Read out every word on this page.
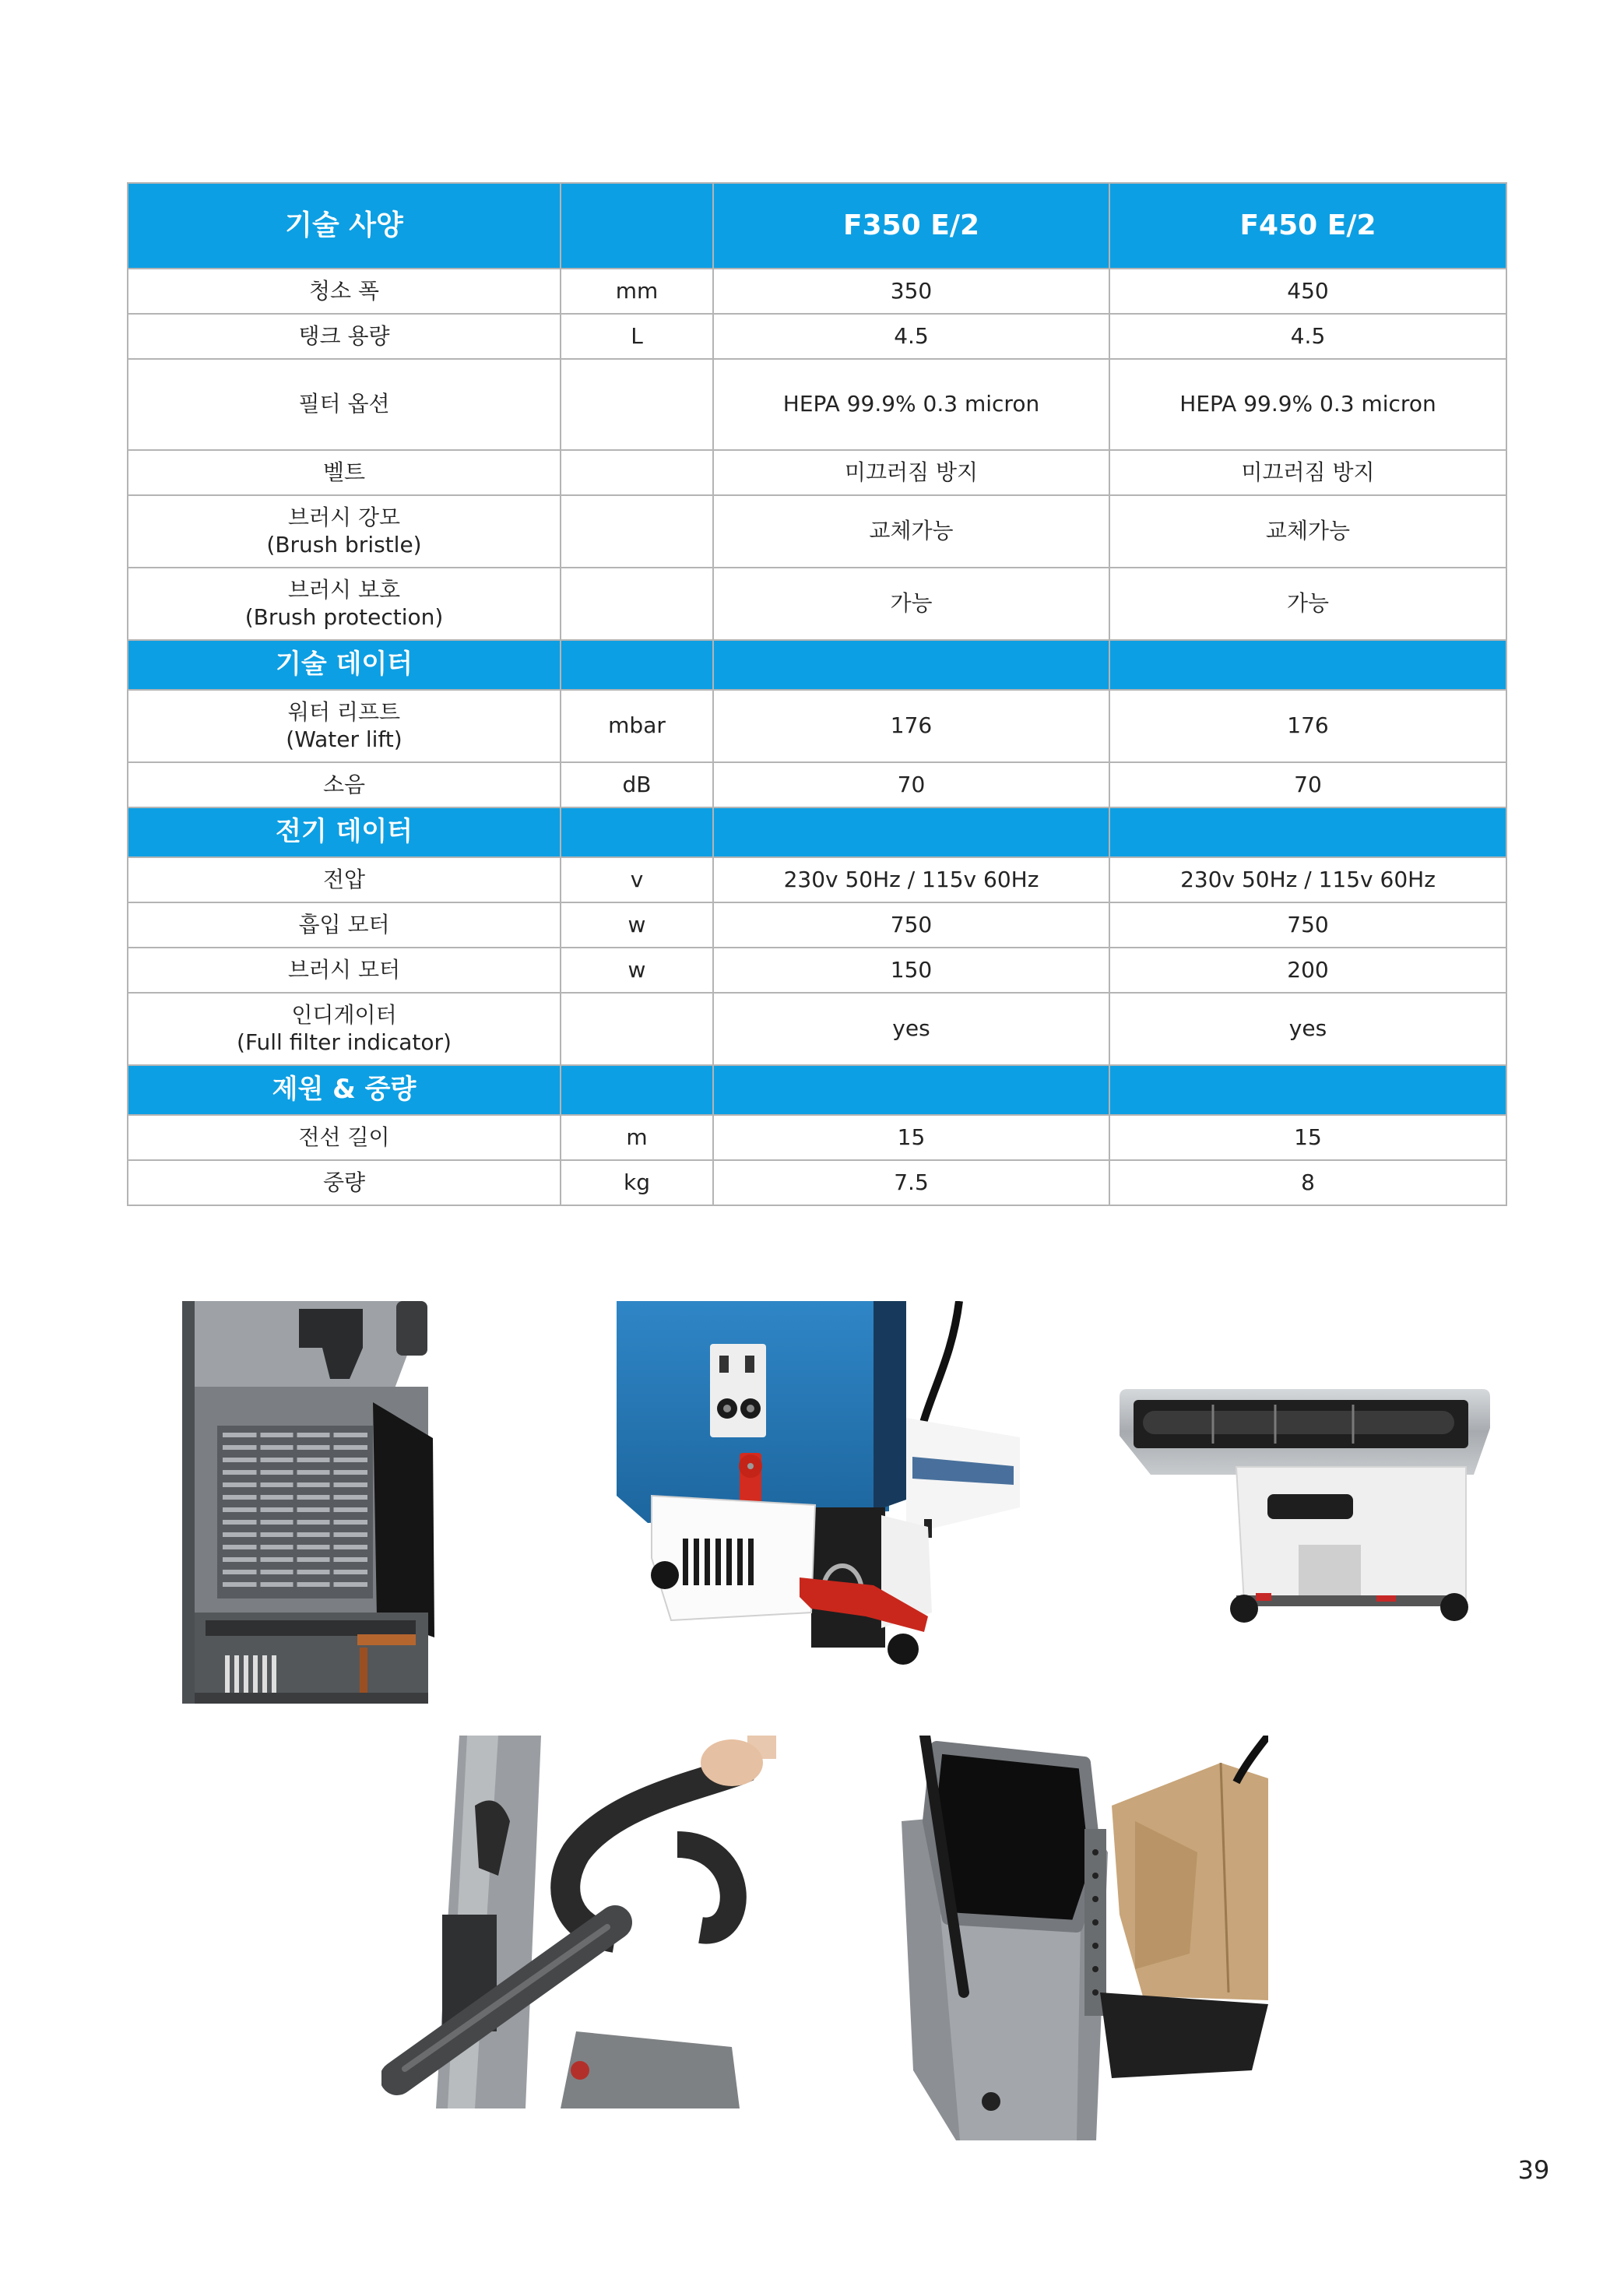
기술 사양		F350 E/2	F450 E/2
청소 폭	mm	350	450
탱크 용량	L	4.5	4.5
필터 옵션		HEPA 99.9% 0.3 micron	HEPA 99.9% 0.3 micron
벨트		미끄러짐 방지	미끄러짐 방지

브러시 강모
(Brush bristle)		교체가능	교체가능

브러시 보호
(Brush protection)		가능	가능
기술 데이터			

워터 리프트
(Water lift)	mbar	176	176
소음	dB	70	70
전기 데이터			
전압	v	230v 50Hz / 115v 60Hz	230v 50Hz / 115v 60Hz
흡입 모터	w	750	750
브러시 모터	w	150	200

인디게이터
(Full filter indicator)		yes	yes
제원 & 중량			
전선 길이	m	15	15
중량	kg	7.5	8
39
